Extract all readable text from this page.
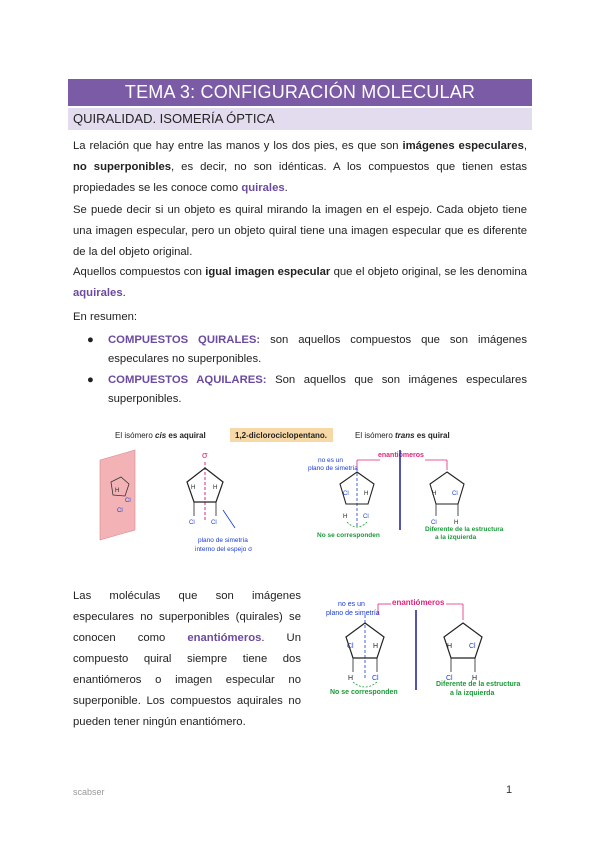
TEMA 3: CONFIGURACIÓN MOLECULAR
QUIRALIDAD. ISOMERÍA ÓPTICA
La relación que hay entre las manos y los dos pies, es que son imágenes especulares, no superponibles, es decir, no son idénticas. A los compuestos que tienen estas propiedades se les conoce como quirales.
Se puede decir si un objeto es quiral mirando la imagen en el espejo. Cada objeto tiene una imagen especular, pero un objeto quiral tiene una imagen especular que es diferente de la del objeto original.
Aquellos compuestos con igual imagen especular que el objeto original, se les denomina aquirales.
En resumen:
● COMPUESTOS QUIRALES: son aquellos compuestos que son imágenes especulares no superponibles.
● COMPUESTOS AQUILARES: Son aquellos que son imágenes especulares superponibles.
El isómero cis es aquiral	1,2-diclorociclopentano.	El isómero trans es quiral
H
Cl
Cl
σ
H	H
Cl	Cl
plano de simetría
interno del espejo σ
enantiómeros
no es un
plano de simetría
Cl	H
H	Cl
No se corresponden
H	Cl
Cl	H
Diferente de la estructura
a la izquierda
Las moléculas que son imágenes especulares no superponibles (quirales) se conocen como enantiómeros. Un compuesto quiral siempre tiene dos enantiómeros o imagen especular no superponible. Los compuestos aquirales no pueden tener ningún enantiómero.
no es un
plano de simetría
enantiómeros
Cl	H
H	Cl
No se corresponden
H Cl
Cl	H
Diferente de la estructura
a la izquierda
scabser	1
